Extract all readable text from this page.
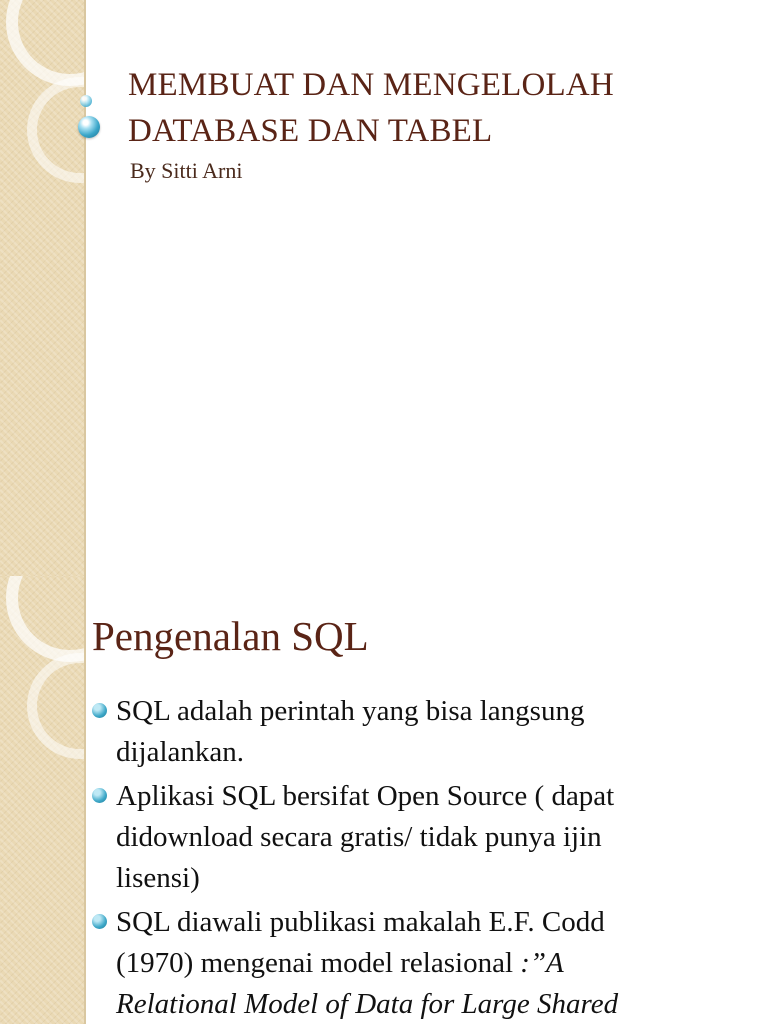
MEMBUAT DAN MENGELOLAH
DATABASE DAN TABEL
By Sitti Arni
Pengenalan SQL
SQL adalah perintah yang bisa langsung
dijalankan.
Aplikasi SQL bersifat Open Source ( dapat
didownload secara gratis/ tidak punya ijin
lisensi)
SQL diawali publikasi makalah E.F. Codd
(1970) mengenai model relasional :”A
Relational Model of Data for Large Shared
